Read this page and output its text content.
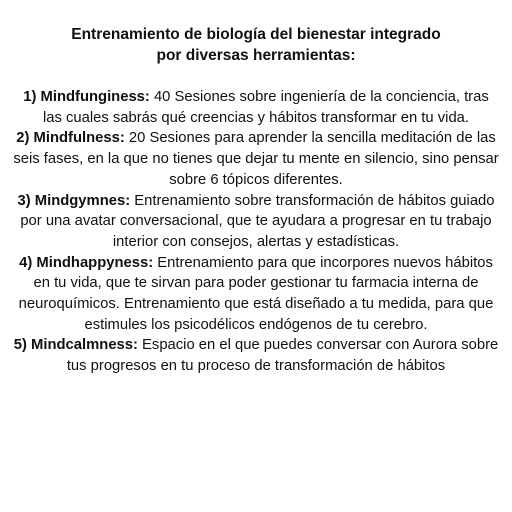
Entrenamiento de biología del bienestar integrado
por diversas herramientas:

1) Mindfunginess: 40 Sesiones sobre ingeniería de la conciencia, tras las cuales sabrás qué creencias y hábitos transformar en tu vida.

2) Mindfulness: 20 Sesiones para aprender la sencilla meditación de las seis fases, en la que no tienes que dejar tu mente en silencio, sino pensar sobre 6 tópicos diferentes.

3) Mindgymnes: Entrenamiento sobre transformación de hábitos guiado por una avatar conversacional, que te ayudara a progresar en tu trabajo interior con consejos, alertas y estadísticas.

4) Mindhappyness: Entrenamiento para que incorpores nuevos hábitos en tu vida, que te sirvan para poder gestionar tu farmacia interna de neuroquímicos. Entrenamiento que está diseñado a tu medida, para que estimules los psicodélicos endógenos de tu cerebro.

5) Mindcalmness: Espacio en el que puedes conversar con Aurora sobre tus progresos en tu proceso de transformación de hábitos
